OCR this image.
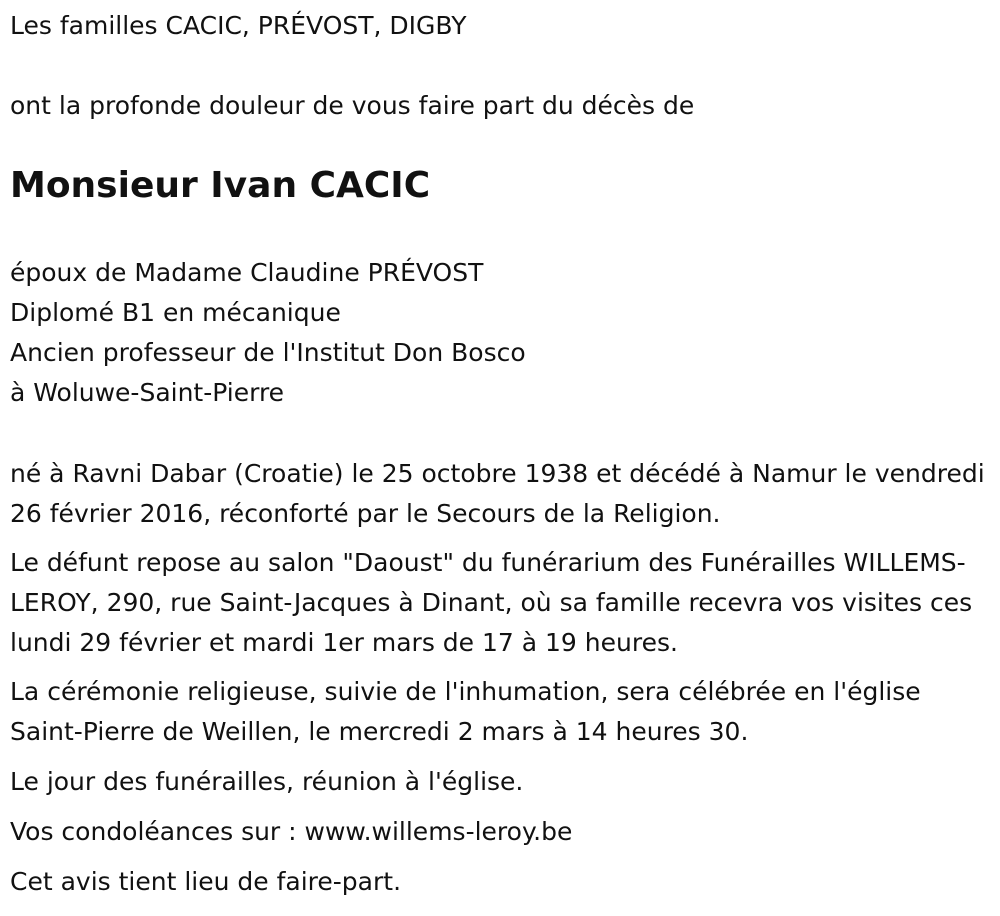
Les familles CACIC, PRÉVOST, DIGBY

ont la profonde douleur de vous faire part du décès de

Monsieur Ivan CACIC

époux de Madame Claudine PRÉVOST

Diplomé B1 en mécanique

Ancien professeur de l'Institut Don Bosco

à Woluwe-Saint-Pierre

né à Ravni Dabar (Croatie) le 25 octobre 1938 et décédé à Namur le vendredi 26 février 2016, réconforté par le Secours de la Religion.

Le défunt repose au salon "Daoust" du funérarium des Funérailles WILLEMS-LEROY, 290, rue Saint-Jacques à Dinant, où sa famille recevra vos visites ces lundi 29 février et mardi 1er mars de 17 à 19 heures.

La cérémonie religieuse, suivie de l'inhumation, sera célébrée en l'église Saint-Pierre de Weillen, le mercredi 2 mars à 14 heures 30.

Le jour des funérailles, réunion à l'église.

Vos condoléances sur : www.willems-leroy.be

Cet avis tient lieu de faire-part.
